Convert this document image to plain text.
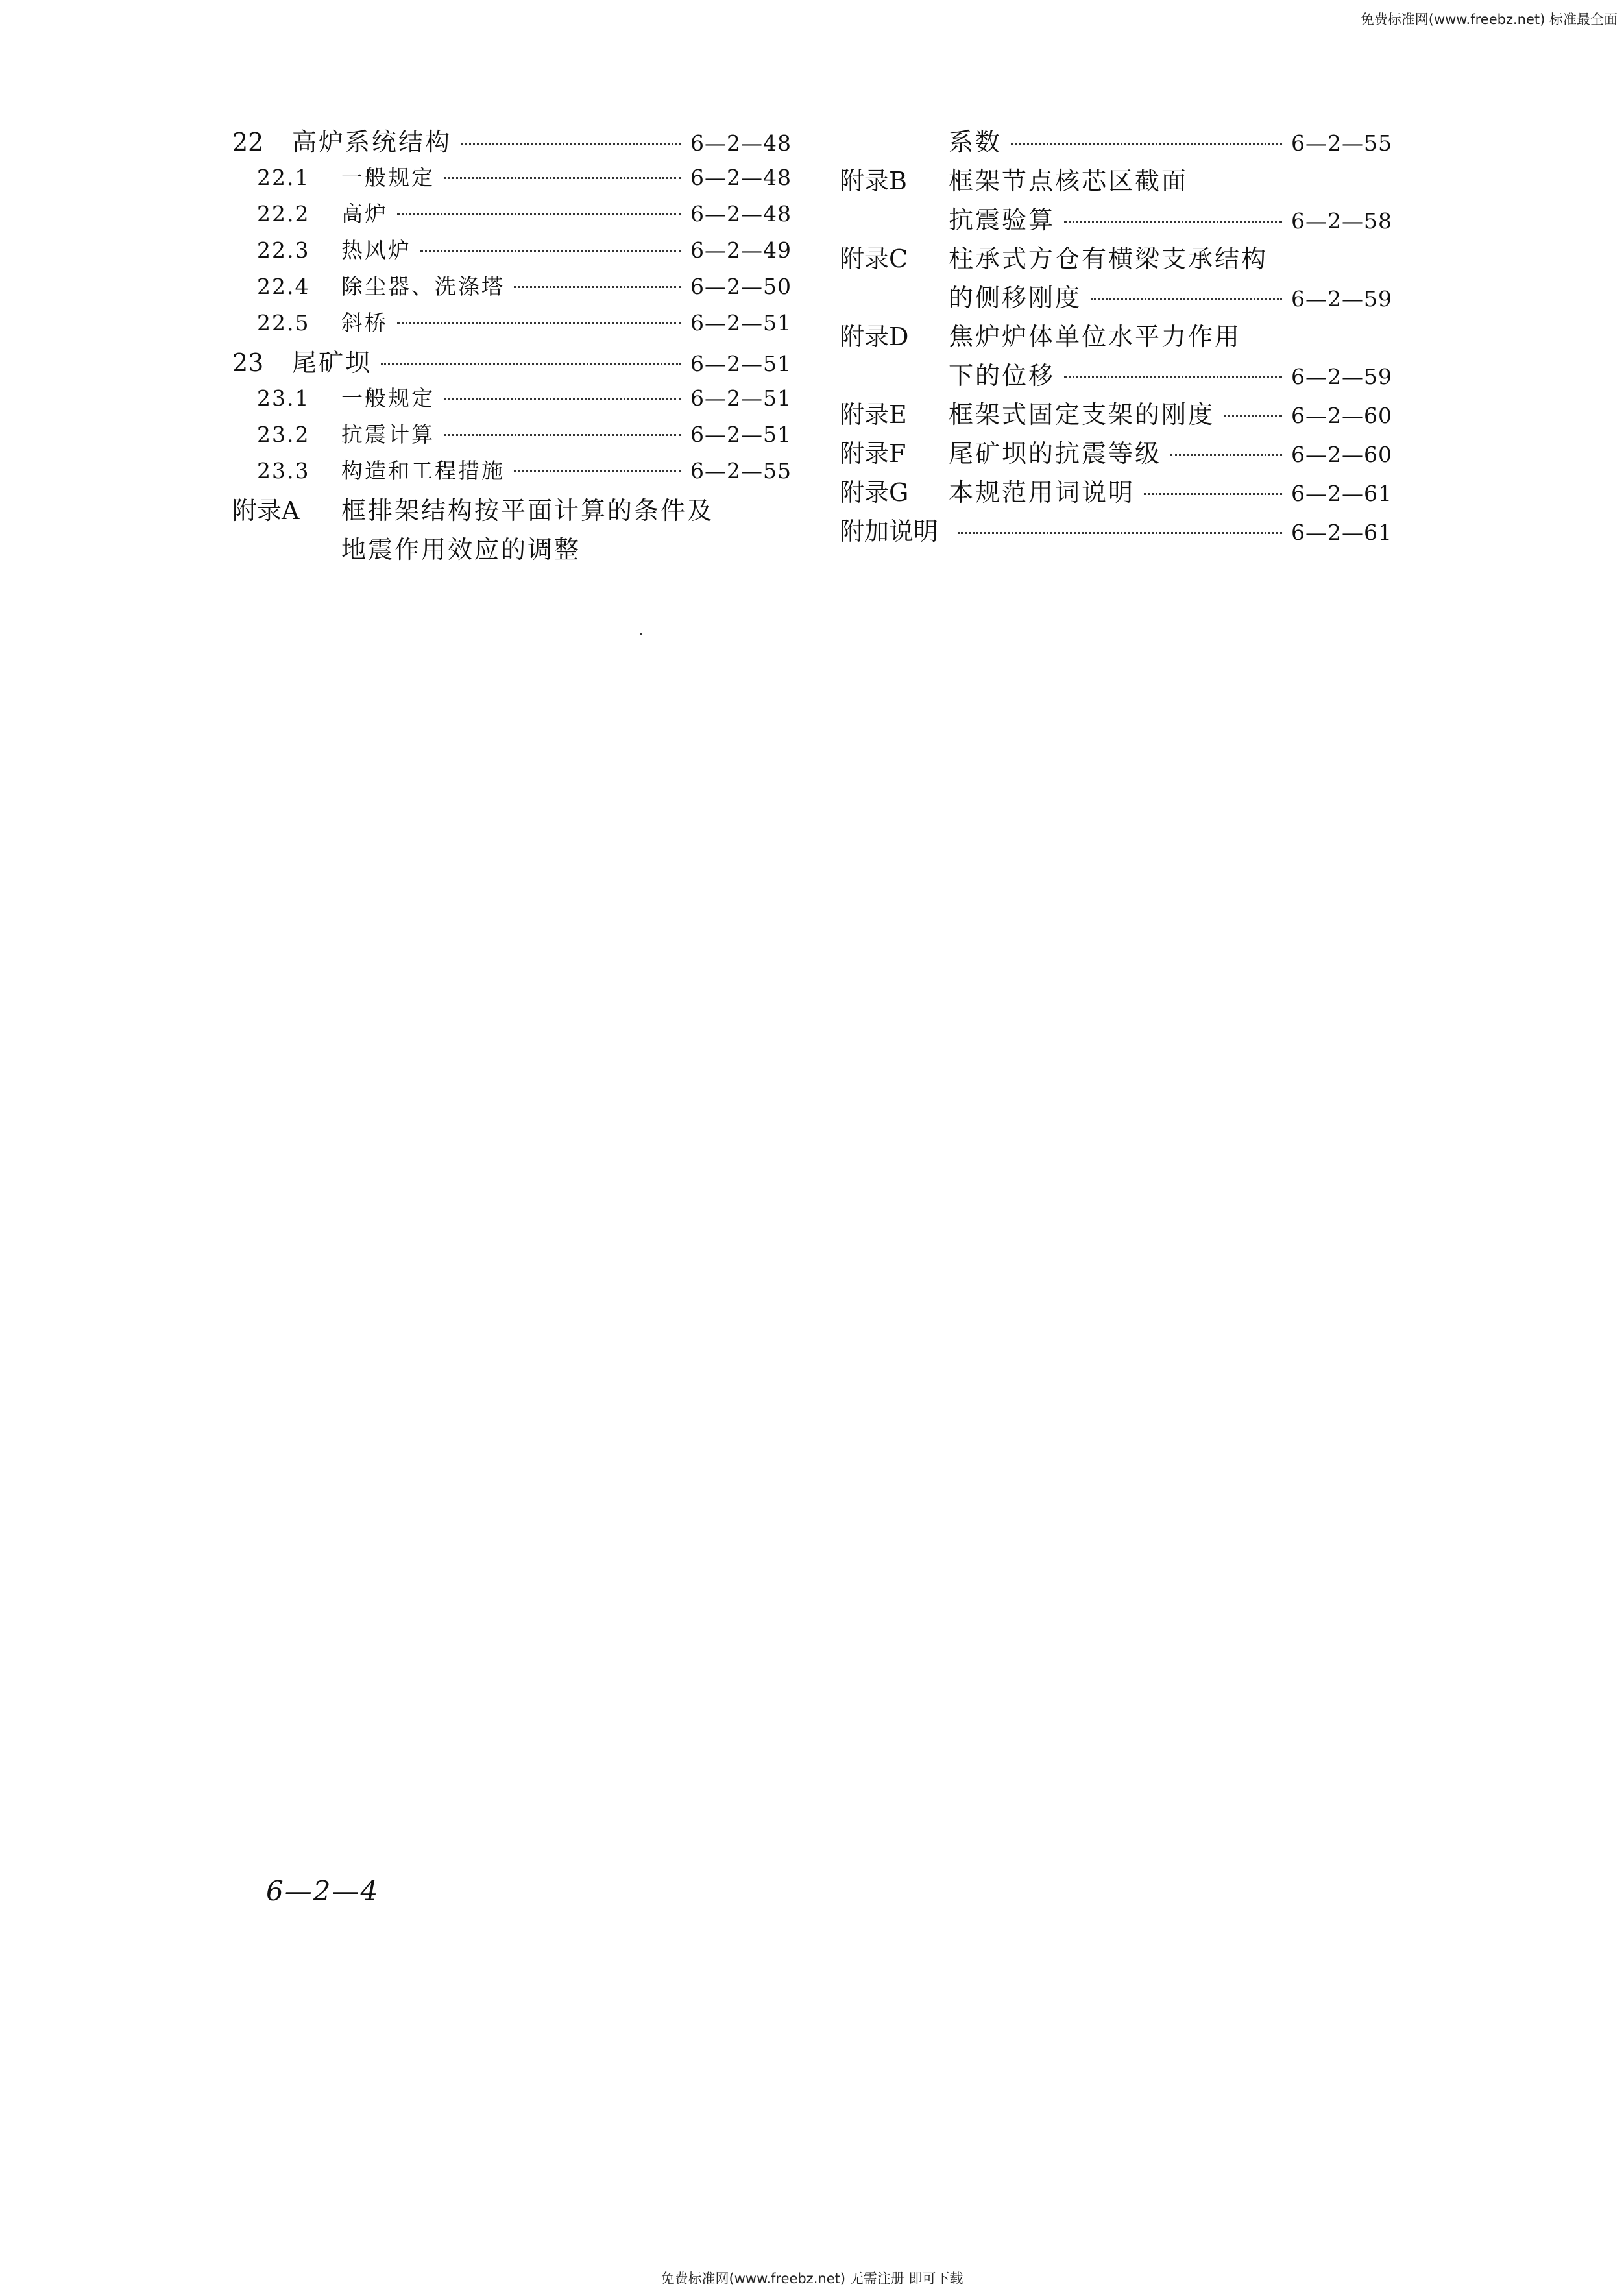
免费标准网(www.freebz.net) 标准最全面
22	高炉系统结构	6—2—48
22.1	一般规定	6—2—48
22.2	高炉	6—2—48
22.3	热风炉	6—2—49
22.4	除尘器、洗涤塔	6—2—50
22.5	斜桥	6—2—51
23	尾矿坝	6—2—51
23.1	一般规定	6—2—51
23.2	抗震计算	6—2—51
23.3	构造和工程措施	6—2—55
附录A	框排架结构按平面计算的条件及
地震作用效应的调整
系数	6—2—55
附录B	框架节点核芯区截面
抗震验算	6—2—58
附录C	柱承式方仓有横梁支承结构
的侧移刚度	6—2—59
附录D	焦炉炉体单位水平力作用
下的位移	6—2—59
附录E	框架式固定支架的刚度	6—2—60
附录F	尾矿坝的抗震等级	6—2—60
附录G	本规范用词说明	6—2—61
附加说明	6—2—61
6—2—4
免费标准网(www.freebz.net) 无需注册 即可下载
